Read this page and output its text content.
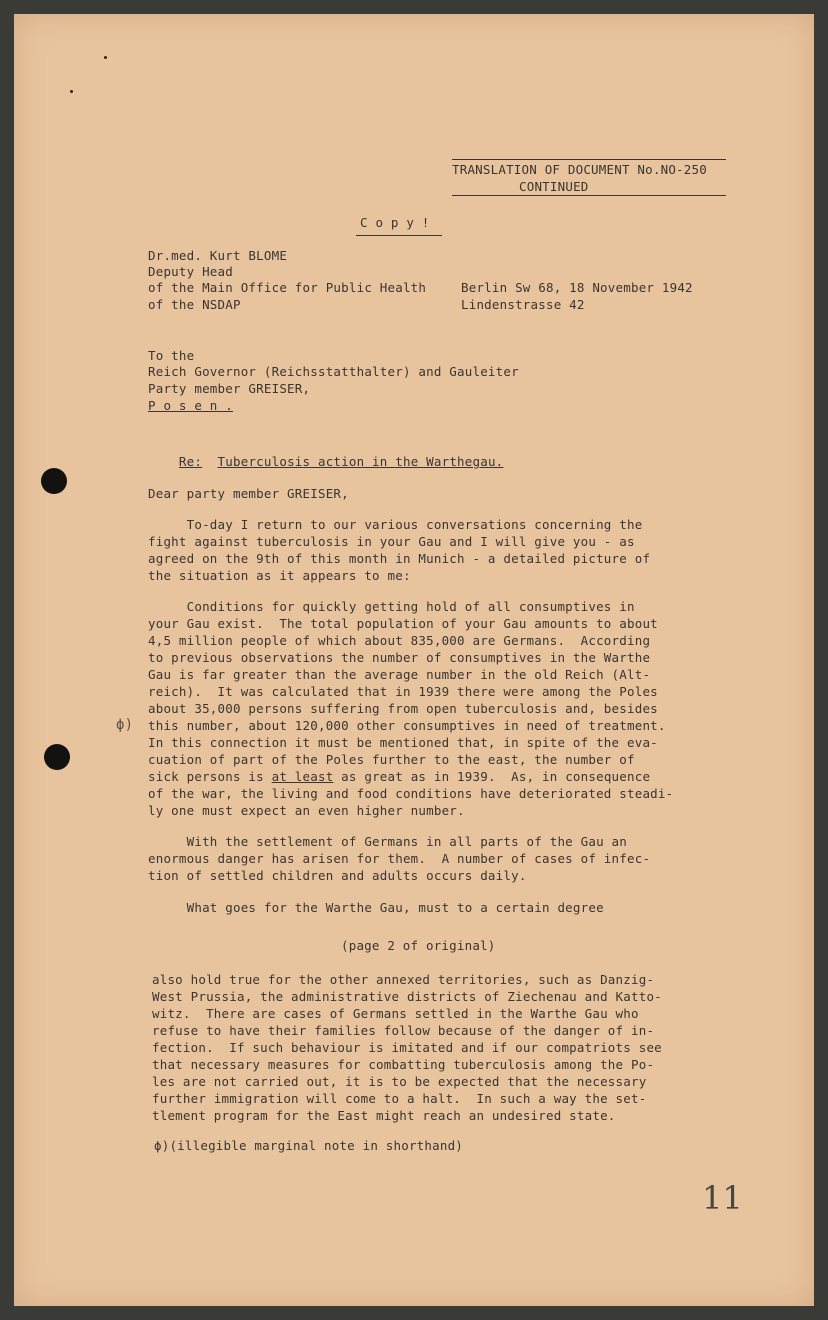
TRANSLATION OF DOCUMENT No.NO-250
CONTINUED
C o p y !
Dr.med. Kurt BLOME
Deputy Head
of the Main Office for Public Health
of the NSDAP
Berlin Sw 68, 18 November 1942
Lindenstrasse 42
To the
Reich Governor (Reichsstatthalter) and Gauleiter
Party member GREISER,
P o s e n .

Re: Tuberculosis action in the Warthegau.

Dear party member GREISER,
To-day I return to our various conversations concerning the
fight against tuberculosis in your Gau and I will give you - as
agreed on the 9th of this month in Munich - a detailed picture of
the situation as it appears to me:
Conditions for quickly getting hold of all consumptives in
your Gau exist.  The total population of your Gau amounts to about
4,5 million people of which about 835,000 are Germans.  According
to previous observations the number of consumptives in the Warthe
Gau is far greater than the average number in the old Reich (Alt-
reich).  It was calculated that in 1939 there were among the Poles
about 35,000 persons suffering from open tuberculosis and, besides
this number, about 120,000 other consumptives in need of treatment.
In this connection it must be mentioned that, in spite of the eva-
cuation of part of the Poles further to the east, the number of
sick persons is at least as great as in 1939.  As, in consequence
of the war, the living and food conditions have deteriorated steadi-
ly one must expect an even higher number.
ϕ)
With the settlement of Germans in all parts of the Gau an
enormous danger has arisen for them.  A number of cases of infec-
tion of settled children and adults occurs daily.
What goes for the Warthe Gau, must to a certain degree
(page 2 of original)
also hold true for the other annexed territories, such as Danzig-
West Prussia, the administrative districts of Ziechenau and Katto-
witz.  There are cases of Germans settled in the Warthe Gau who
refuse to have their families follow because of the danger of in-
fection.  If such behaviour is imitated and if our compatriots see
that necessary measures for combatting tuberculosis among the Po-
les are not carried out, it is to be expected that the necessary
further immigration will come to a halt.  In such a way the set-
tlement program for the East might reach an undesired state.
ϕ)(illegible marginal note in shorthand)
11
